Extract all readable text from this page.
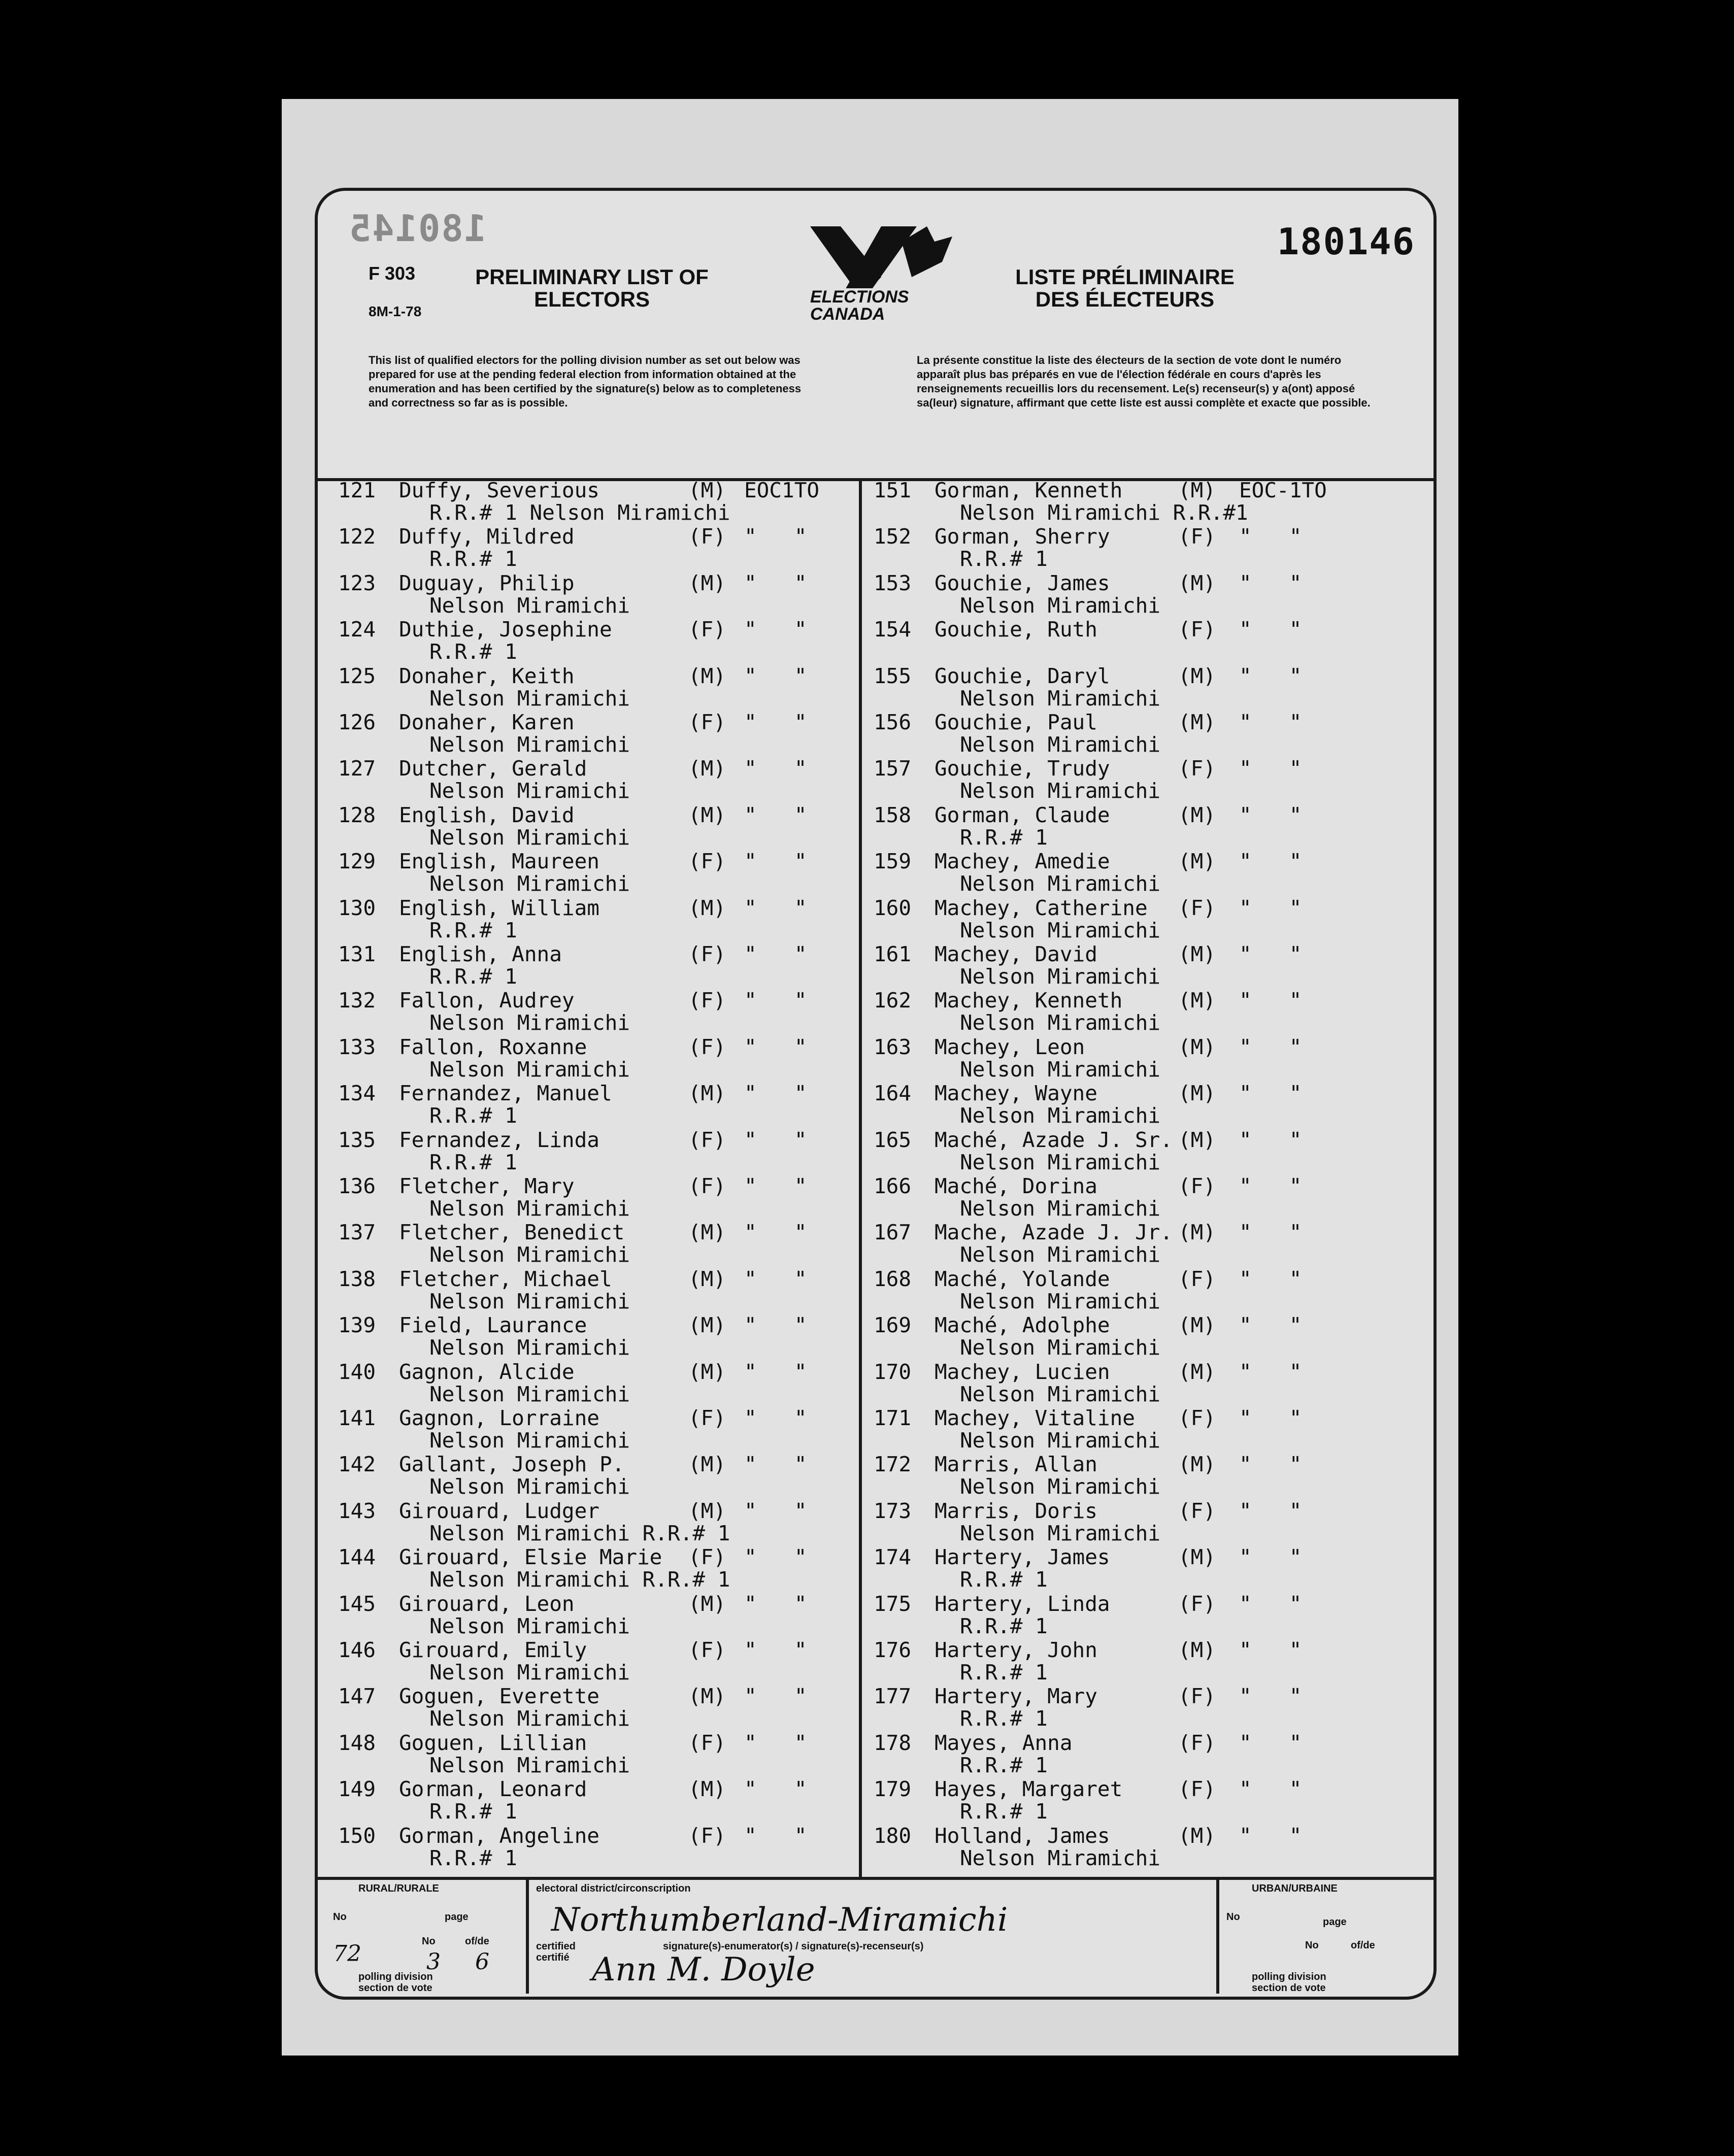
180145	180146
F 303
8M-1-78
PRELIMINARY LIST OF ELECTORS	ELECTIONS CANADA
LISTE PRÉLIMINAIRE DES ÉLECTEURS
This list of qualified electors for the polling division number as set out below was prepared for use at the pending federal election from information obtained at the enumeration and has been certified by the signature(s) below as to completeness and correctness so far as is possible.
La présente constitue la liste des électeurs de la section de vote dont le numéro apparaît plus bas préparés en vue de l'élection fédérale en cours d'après les renseignements recueillis lors du recensement. Le(s) recenseur(s) y a(ont) apposé sa(leur) signature, affirmant que cette liste est aussi complète et exacte que possible.
121 Duffy, Severious	(M) EOC1TO
R.R.# 1 Nelson Miramichi
122 Duffy, Mildred	(F) "   "
R.R.# 1
123 Duguay, Philip	(M) "   "
Nelson Miramichi
124 Duthie, Josephine	(F) "   "
R.R.# 1
125 Donaher, Keith	(M) "   "
Nelson Miramichi
126 Donaher, Karen	(F) "   "
Nelson Miramichi
127 Dutcher, Gerald	(M) "   "
Nelson Miramichi
128 English, David	(M) "   "
Nelson Miramichi
129 English, Maureen	(F) "   "
Nelson Miramichi
130 English, William	(M) "   "
R.R.# 1
131 English, Anna	(F) "   "
R.R.# 1
132 Fallon, Audrey	(F) "   "
Nelson Miramichi
133 Fallon, Roxanne	(F) "   "
Nelson Miramichi
134 Fernandez, Manuel	(M) "   "
R.R.# 1
135 Fernandez, Linda	(F) "   "
R.R.# 1
136 Fletcher, Mary	(F) "   "
Nelson Miramichi
137 Fletcher, Benedict	(M) "   "
Nelson Miramichi
138 Fletcher, Michael	(M) "   "
Nelson Miramichi
139 Field, Laurance	(M) "   "
Nelson Miramichi
140 Gagnon, Alcide	(M) "   "
Nelson Miramichi
141 Gagnon, Lorraine	(F) "   "
Nelson Miramichi
142 Gallant, Joseph P.	(M) "   "
Nelson Miramichi
143 Girouard, Ludger	(M) "   "
Nelson Miramichi R.R.# 1
144 Girouard, Elsie Marie (F) "   "
Nelson Miramichi R.R.# 1
145 Girouard, Leon	(M) "   "
Nelson Miramichi
146 Girouard, Emily	(F) "   "
Nelson Miramichi
147 Goguen, Everette	(M) "   "
Nelson Miramichi
148 Goguen, Lillian	(F) "   "
Nelson Miramichi
149 Gorman, Leonard	(M) "   "
R.R.# 1
150 Gorman, Angeline	(F) "   "
R.R.# 1
151 Gorman, Kenneth	(M) EOC-1TO
Nelson Miramichi R.R.#1
152 Gorman, Sherry	(F) "   "
R.R.# 1
153 Gouchie, James	(M) "   "
Nelson Miramichi
154 Gouchie, Ruth	(F) "   "
155 Gouchie, Daryl	(M) "   "
Nelson Miramichi
156 Gouchie, Paul	(M) "   "
Nelson Miramichi
157 Gouchie, Trudy	(F) "   "
Nelson Miramichi
158 Gorman, Claude	(M) "   "
R.R.# 1
159 Machey, Amedie	(M) "   "
Nelson Miramichi
160 Machey, Catherine (F) "   "
Nelson Miramichi
161 Machey, David	(M) "   "
Nelson Miramichi
162 Machey, Kenneth	(M) "   "
Nelson Miramichi
163 Machey, Leon	(M) "   "
Nelson Miramichi
164 Machey, Wayne	(M) "   "
Nelson Miramichi
165 Maché, Azade J. Sr. (M) "   "
Nelson Miramichi
166 Maché, Dorina	(F) "   "
Nelson Miramichi
167 Mache, Azade J. Jr. (M) "   "
Nelson Miramichi
168 Maché, Yolande	(F) "   "
Nelson Miramichi
169 Maché, Adolphe	(M) "   "
Nelson Miramichi
170 Machey, Lucien	(M) "   "
Nelson Miramichi
171 Machey, Vitaline (F) "   "
Nelson Miramichi
172 Marris, Allan	(M) "   "
Nelson Miramichi
173 Marris, Doris	(F) "   "
Nelson Miramichi
174 Hartery, James	(M) "   "
R.R.# 1
175 Hartery, Linda	(F) "   "
R.R.# 1
176 Hartery, John	(M) "   "
R.R.# 1
177 Hartery, Mary	(F) "   "
R.R.# 1
178 Mayes, Anna	(F) "   "
R.R.# 1
179 Hayes, Margaret	(F) "   "
R.R.# 1
180 Holland, James	(M) "   "
Nelson Miramichi
RURAL/RURALE
No	page
No	of/de
72	3 6
polling division section de vote
electoral district/circonscription
Northumberland-Miramichi
certified certifié
signature(s)-enumerator(s) / signature(s)-recenseur(s)
Ann M. Doyle
URBAN/URBAINE
No	page
No	of/de
polling division section de vote
